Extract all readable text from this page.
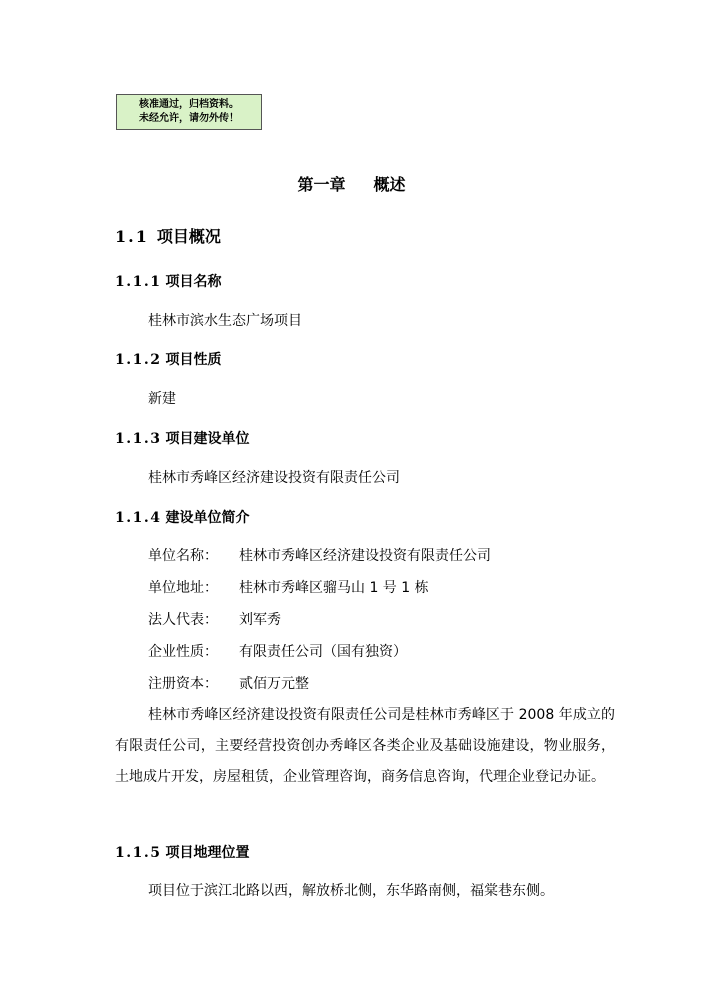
核准通过，归档资料。
未经允许，请勿外传！
第一章 概述
1.1 项目概况
1.1.1 项目名称
桂林市滨水生态广场项目
1.1.2 项目性质
新建
1.1.3 项目建设单位
桂林市秀峰区经济建设投资有限责任公司
1.1.4 建设单位简介
单位名称： 桂林市秀峰区经济建设投资有限责任公司
单位地址： 桂林市秀峰区骝马山 1 号 1 栋
法人代表： 刘军秀
企业性质： 有限责任公司（国有独资）
注册资本： 贰佰万元整
桂林市秀峰区经济建设投资有限责任公司是桂林市秀峰区于 2008 年成立的有限责任公司，主要经营投资创办秀峰区各类企业及基础设施建设，物业服务，土地成片开发，房屋租赁，企业管理咨询，商务信息咨询，代理企业登记办证。
1.1.5 项目地理位置
项目位于滨江北路以西，解放桥北侧，东华路南侧，福棠巷东侧。
